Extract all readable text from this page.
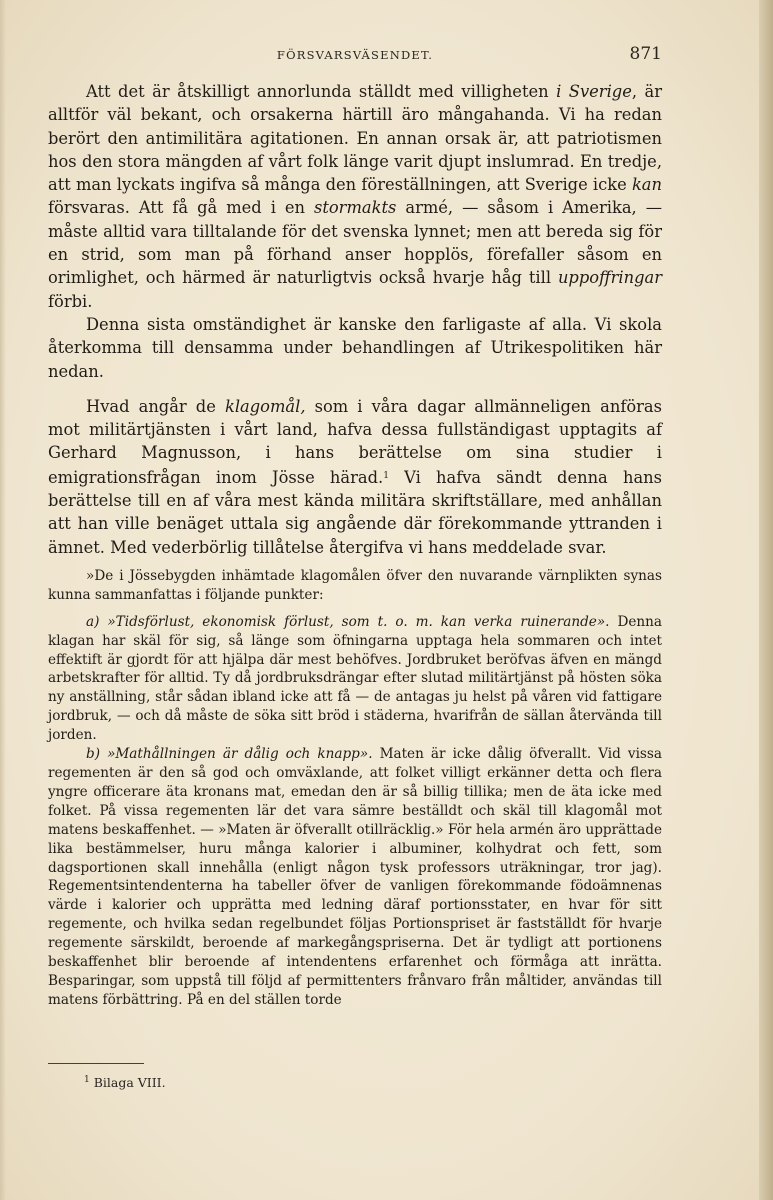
FÖRSVARSVÄSENDET.	871

Att det är åtskilligt annorlunda ställdt med villigheten i Sverige, är alltför väl bekant, och orsakerna härtill äro mångahanda. Vi ha redan berört den antimilitära agitationen. En annan orsak är, att patriotismen hos den stora mängden af vårt folk länge varit djupt inslumrad. En tredje, att man lyckats ingifva så många den föreställningen, att Sverige icke kan försvaras. Att få gå med i en stormakts armé, — såsom i Amerika, — måste alltid vara tilltalande för det svenska lynnet; men att bereda sig för en strid, som man på förhand anser hopplös, förefaller såsom en orimlighet, och härmed är naturligtvis också hvarje håg till uppoffringar förbi.

Denna sista omständighet är kanske den farligaste af alla. Vi skola återkomma till densamma under behandlingen af Utrikespolitiken här nedan.

Hvad angår de klagomål, som i våra dagar allmänneligen anföras mot militärtjänsten i vårt land, hafva dessa fullständigast upptagits af Gerhard Magnusson, i hans berättelse om sina studier i emigrationsfrågan inom Jösse härad.$^1$ Vi hafva sändt denna hans berättelse till en af våra mest kända militära skriftställare, med anhållan att han ville benäget uttala sig angående där förekommande yttranden i ämnet. Med vederbörlig tillåtelse återgifva vi hans meddelade svar.

»De i Jössebygden inhämtade klagomålen öfver den nuvarande värnplikten synas kunna sammanfattas i följande punkter:

a) »Tidsförlust, ekonomisk förlust, som t. o. m. kan verka ruinerande». Denna klagan har skäl för sig, så länge som öfningarna upptaga hela sommaren och intet effektift är gjordt för att hjälpa där mest behöfves. Jordbruket beröfvas äfven en mängd arbetskrafter för alltid. Ty då jordbruksdrängar efter slutad militärtjänst på hösten söka ny anställning, står sådan ibland icke att få — de antagas ju helst på våren vid fattigare jordbruk, — och då måste de söka sitt bröd i städerna, hvarifrån de sällan återvända till jorden.

b) »Mathållningen är dålig och knapp». Maten är icke dålig öfverallt. Vid vissa regementen är den så god och omväxlande, att folket villigt erkänner detta och flera yngre officerare äta kronans mat, emedan den är så billig tillika; men de äta icke med folket. På vissa regementen lär det vara sämre beställdt och skäl till klagomål mot matens beskaffenhet. — »Maten är öfverallt otillräcklig.» För hela armén äro upprättade lika bestämmelser, huru många kalorier i albuminer, kolhydrat och fett, som dagsportionen skall innehålla (enligt någon tysk professors uträkningar, tror jag). Regementsintendenterna ha tabeller öfver de vanligen förekommande födoämnenas värde i kalorier och upprätta med ledning däraf portionsstater, en hvar för sitt regemente, och hvilka sedan regelbundet följas Portionspriset är fastställdt för hvarje regemente särskildt, beroende af markegångspriserna. Det är tydligt att portionens beskaffenhet blir beroende af intendentens erfarenhet och förmåga att inrätta. Besparingar, som uppstå till följd af permittenters frånvaro från måltider, användas till matens förbättring. På en del ställen torde

$^1$ Bilaga VIII.
